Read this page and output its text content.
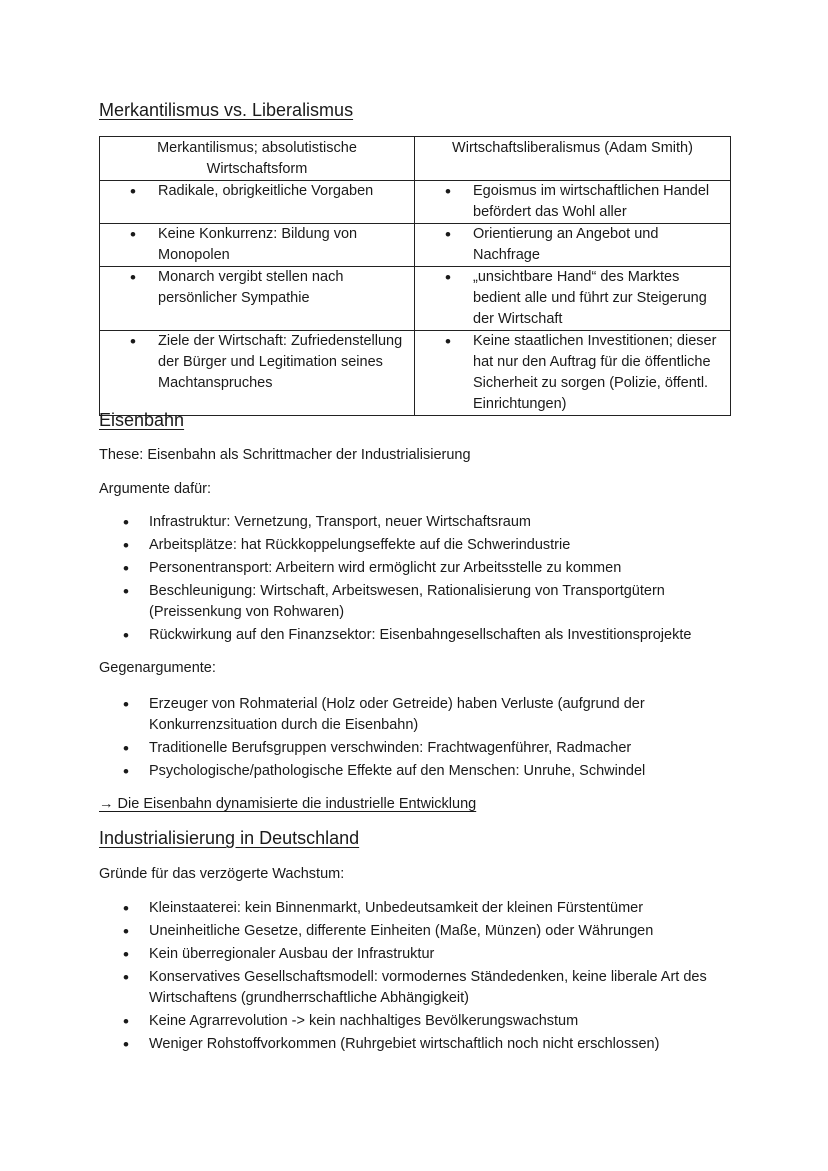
Merkantilismus vs. Liberalismus
Merkantilismus; absolutistische Wirtschaftsform	Wirtschaftsliberalismus (Adam Smith)

• Radikale, obrigkeitliche Vorgaben	• Egoismus im wirtschaftlichen Handel befördert das Wohl aller

• Keine Konkurrenz: Bildung von Monopolen	• Orientierung an Angebot und Nachfrage

• Monarch vergibt stellen nach persönlicher Sympathie	• „unsichtbare Hand“ des Marktes bedient alle und führt zur Steigerung der Wirtschaft

• Ziele der Wirtschaft: Zufriedenstellung der Bürger und Legitimation seines Machtanspruches	• Keine staatlichen Investitionen; dieser hat nur den Auftrag für die öffentliche Sicherheit zu sorgen (Polizie, öffentl. Einrichtungen)
Eisenbahn
These: Eisenbahn als Schrittmacher der Industrialisierung
Argumente dafür:
• Infrastruktur: Vernetzung, Transport, neuer Wirtschaftsraum
• Arbeitsplätze: hat Rückkoppelungseffekte auf die Schwerindustrie
• Personentransport: Arbeitern wird ermöglicht zur Arbeitsstelle zu kommen
• Beschleunigung: Wirtschaft, Arbeitswesen, Rationalisierung von Transportgütern (Preissenkung von Rohwaren)
• Rückwirkung auf den Finanzsektor: Eisenbahngesellschaften als Investitionsprojekte
Gegenargumente:
• Erzeuger von Rohmaterial (Holz oder Getreide) haben Verluste (aufgrund der Konkurrenzsituation durch die Eisenbahn)
• Traditionelle Berufsgruppen verschwinden: Frachtwagenführer, Radmacher
• Psychologische/pathologische Effekte auf den Menschen: Unruhe, Schwindel
→ Die Eisenbahn dynamisierte die industrielle Entwicklung
Industrialisierung in Deutschland
Gründe für das verzögerte Wachstum:
• Kleinstaaterei: kein Binnenmarkt, Unbedeutsamkeit der kleinen Fürstentümer
• Uneinheitliche Gesetze, differente Einheiten (Maße, Münzen) oder Währungen
• Kein überregionaler Ausbau der Infrastruktur
• Konservatives Gesellschaftsmodell: vormodernes Ständedenken, keine liberale Art des Wirtschaftens (grundherrschaftliche Abhängigkeit)
• Keine Agrarrevolution -> kein nachhaltiges Bevölkerungswachstum
• Weniger Rohstoffvorkommen (Ruhrgebiet wirtschaftlich noch nicht erschlossen)
